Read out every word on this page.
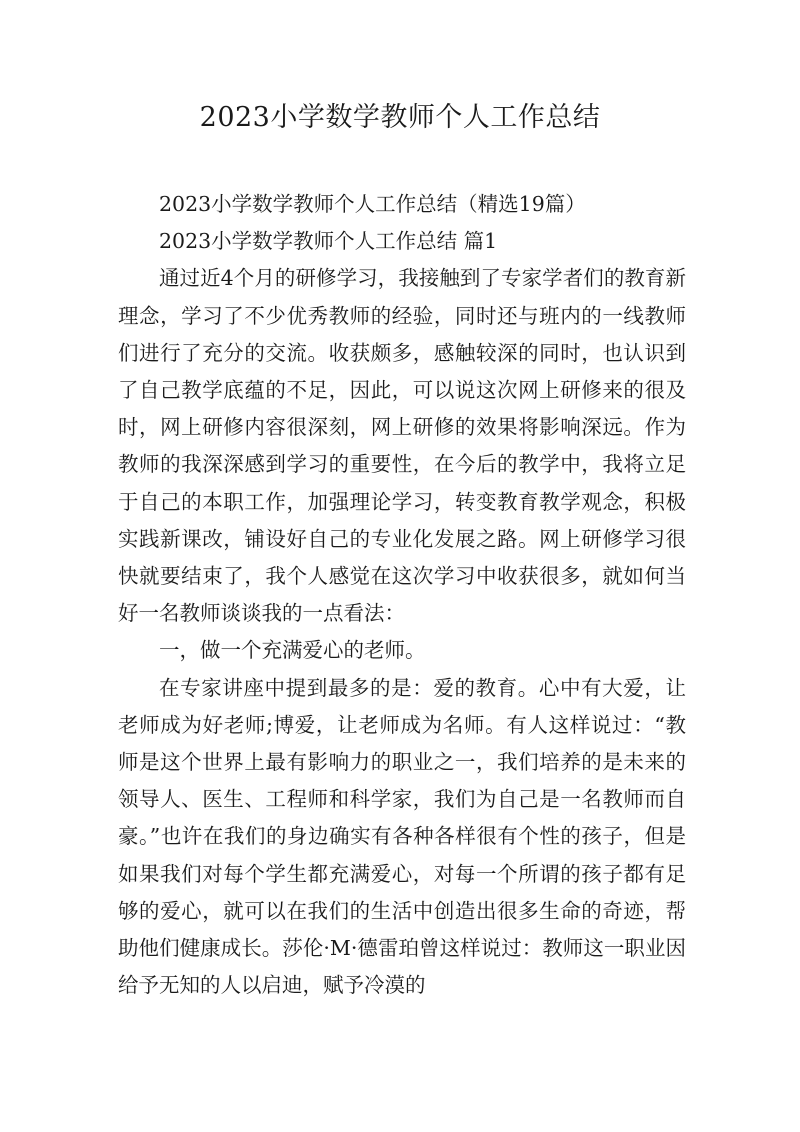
2023小学数学教师个人工作总结

2023小学数学教师个人工作总结（精选19篇）

2023小学数学教师个人工作总结 篇1

通过近4个月的研修学习，我接触到了专家学者们的教育新理念，学习了不少优秀教师的经验，同时还与班内的一线教师们进行了充分的交流。收获颇多，感触较深的同时，也认识到了自己教学底蕴的不足，因此，可以说这次网上研修来的很及时，网上研修内容很深刻，网上研修的效果将影响深远。作为教师的我深深感到学习的重要性，在今后的教学中，我将立足于自己的本职工作，加强理论学习，转变教育教学观念，积极实践新课改，铺设好自己的专业化发展之路。网上研修学习很快就要结束了，我个人感觉在这次学习中收获很多，就如何当好一名教师谈谈我的一点看法：

一，做一个充满爱心的老师。

在专家讲座中提到最多的是：爱的教育。心中有大爱，让老师成为好老师;博爱，让老师成为名师。有人这样说过：“教师是这个世界上最有影响力的职业之一，我们培养的是未来的领导人、医生、工程师和科学家，我们为自己是一名教师而自豪。”也许在我们的身边确实有各种各样很有个性的孩子，但是如果我们对每个学生都充满爱心，对每一个所谓的孩子都有足够的爱心，就可以在我们的生活中创造出很多生命的奇迹，帮助他们健康成长。莎伦·M·德雷珀曾这样说过：教师这一职业因给予无知的人以启迪，赋予冷漠的
